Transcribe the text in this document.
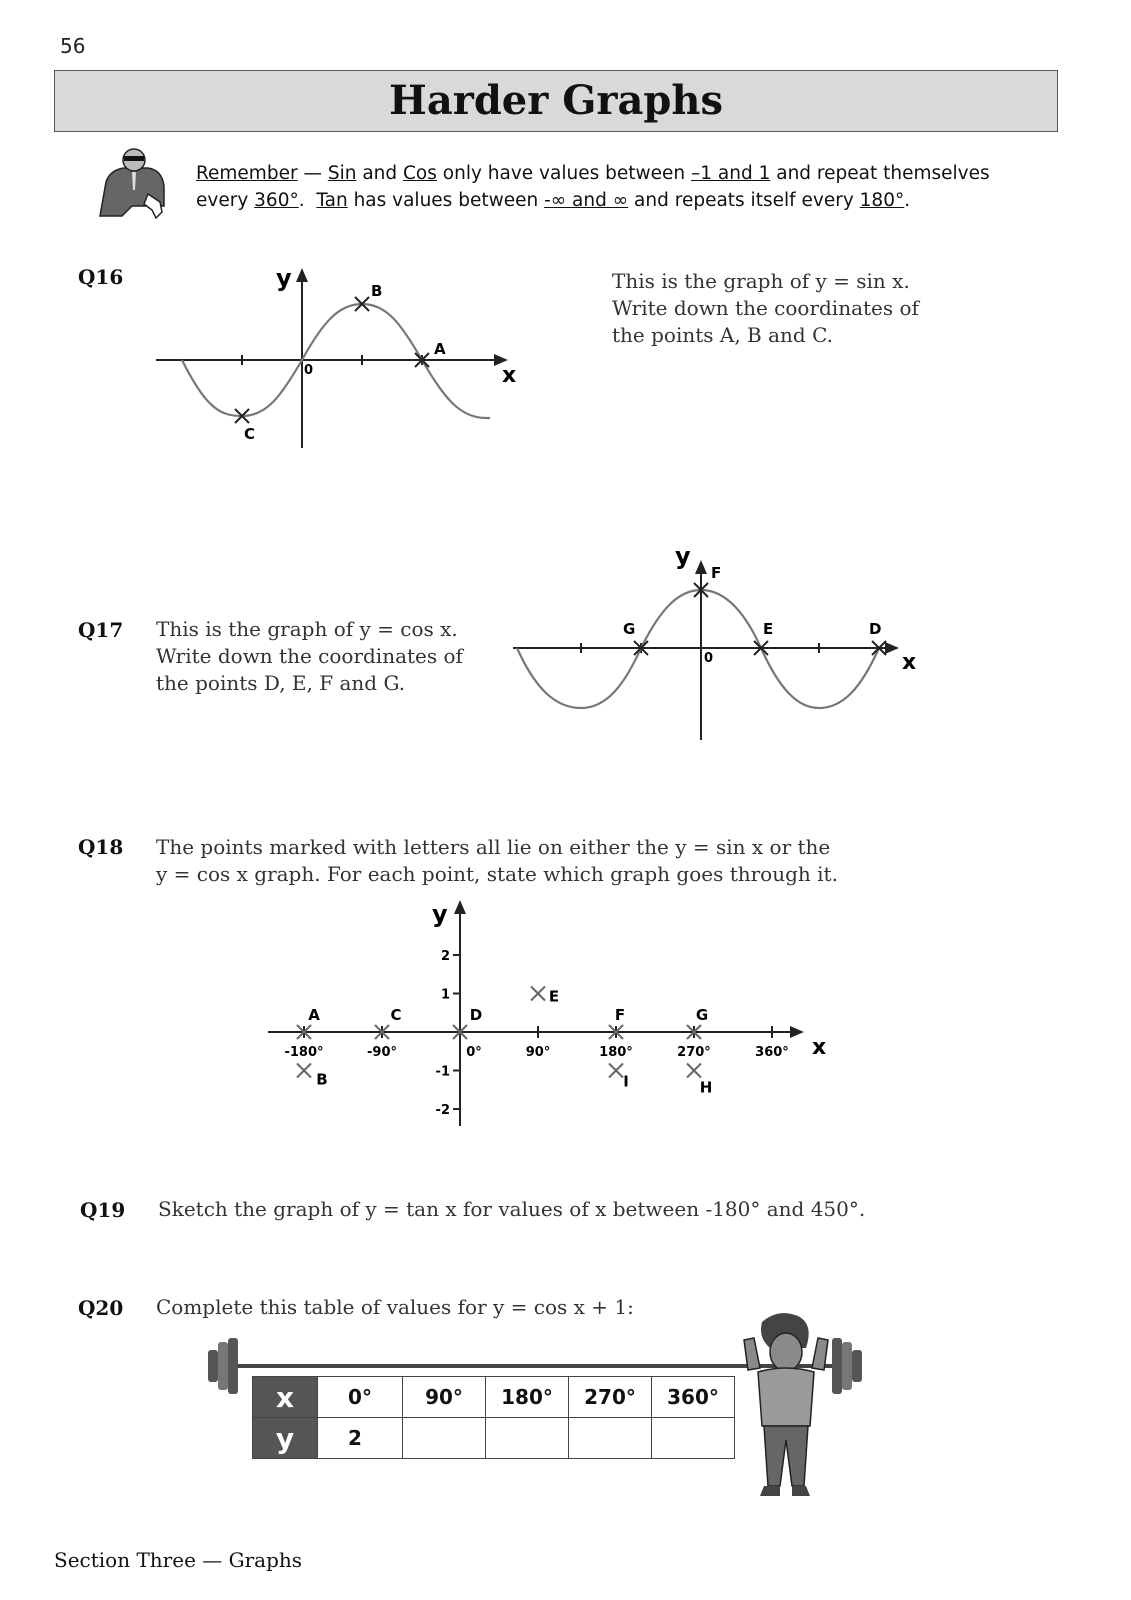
56
Harder Graphs
Remember — Sin and Cos only have values between –1 and 1 and repeat themselves
every 360°.  Tan has values between -∞ and ∞ and repeats itself every 180°.
Q16
B
A
C
0
y
x
This is the graph of y = sin x.
Write down the coordinates of
the points A, B and C.
Q17 This is the graph of y = cos x.
Write down the coordinates of
the points D, E, F and G.
F
G	E	D
0
y
x
Q18 The points marked with letters all lie on either the y = sin x or the
y = cos x graph. For each point, state which graph goes through it.
-180°	-90°	0°	90°	180°	270°	360°
2
1
-1
-2
A
B
C	D
E
F	G
H
I
y
x
Q19 Sketch the graph of y = tan x for values of x between -180° and 450°.
Q20 Complete this table of values for y = cos x + 1:
x	0°	90°	180°	270°	360°
y	2				
Section Three — Graphs
